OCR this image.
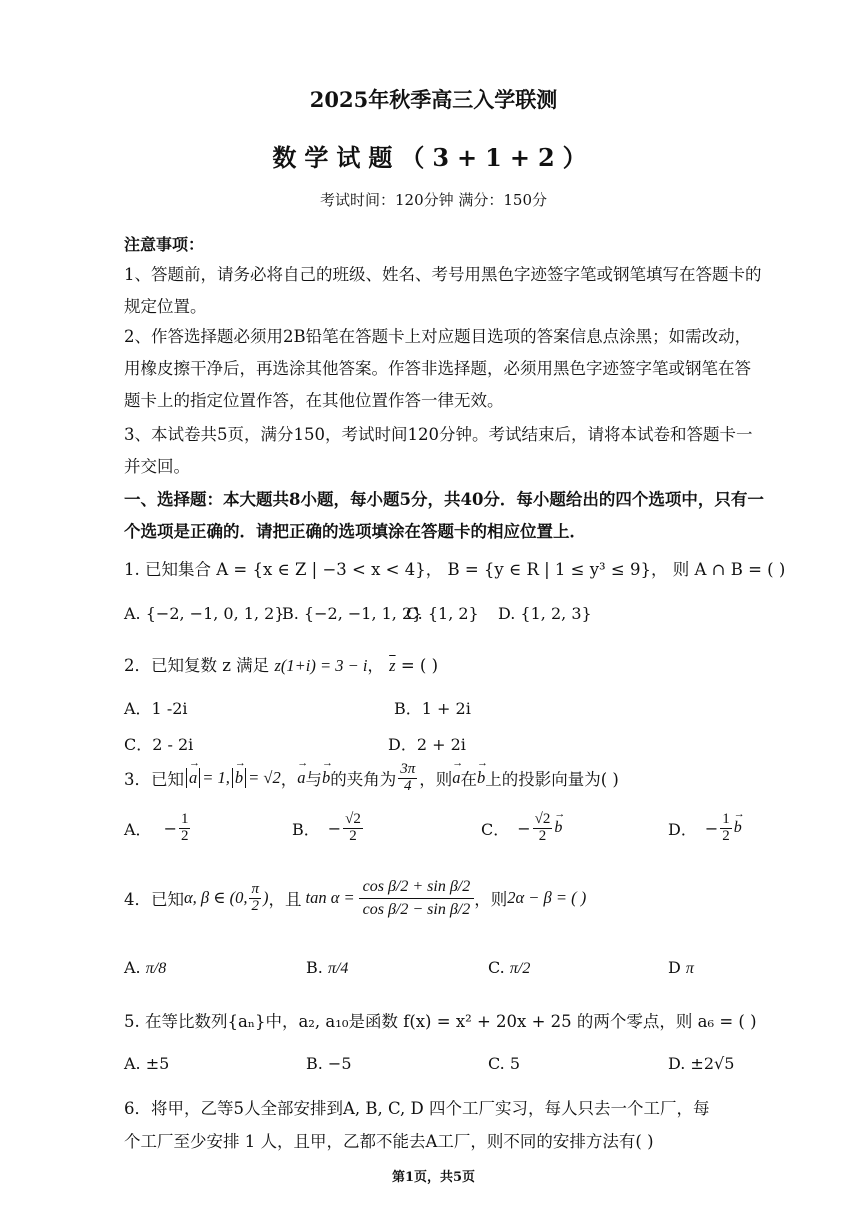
2025年秋季高三入学联测
数学试题（3+1+2）
考试时间：120分钟 满分：150分
注意事项：
1、答题前，请务必将自己的班级、姓名、考号用黑色字迹签字笔或钢笔填写在答题卡的规定位置。
2、作答选择题必须用2B铅笔在答题卡上对应题目选项的答案信息点涂黑；如需改动，用橡皮擦干净后，再选涂其他答案。作答非选择题，必须用黑色字迹签字笔或钢笔在答题卡上的指定位置作答，在其他位置作答一律无效。
3、本试卷共5页，满分150，考试时间120分钟。考试结束后，请将本试卷和答题卡一并交回。
一、选择题：本大题共8小题，每小题5分，共40分．每小题给出的四个选项中，只有一个选项是正确的．请把正确的选项填涂在答题卡的相应位置上．
1. 已知集合 A = {x ∈ Z | −3 < x < 4}， B = {y ∈ R | 1 ≤ y³ ≤ 9}， 则 A ∩ B = ( )
A. {−2, −1, 0, 1, 2}
B. {−2, −1, 1, 2}
C. {1, 2} D. {1, 2, 3}
2．已知复数 z 满足 z(1+i) = 3 − i， $\overline{z}$ = ( )
A．1 -2i	B．1 + 2i
C．2 - 2i	D．2 + 2i
3．已知 → a = 1, → b = √2 ， → a 与 → b 的夹角为 $\frac{3\pi}{4}$ ，则 → a 在 → b 上的投影向量为( )
A． − $\frac{1}{2}$	B． − $\frac{√2}{2}$	C． − $\frac{√2}{2} \to b$	D． − $\frac{1}{2} \to b$
4．已知 α, β ∈ (0, $\frac{\pi}{2}$ ) ，且 $\tan \alpha = \frac{\text{cos β/2 + sin β/2}}{\text{cos β/2 − sin β/2}}$ ，则 2α − β = ( )
A. π/8	B. π/4	C. π/2	D π
5. 在等比数列{aₙ}中，a₂, a₁₀是函数 f(x) = x² + 20x + 25 的两个零点，则 a₆ = ( )
A. ±5	B. −5	C. 5	D. ±2√5
6．将甲，乙等5人全部安排到A, B, C, D 四个工厂实习，每人只去一个工厂，每
个工厂至少安排 1 人，且甲，乙都不能去A工厂，则不同的安排方法有( )
第1页，共5页
